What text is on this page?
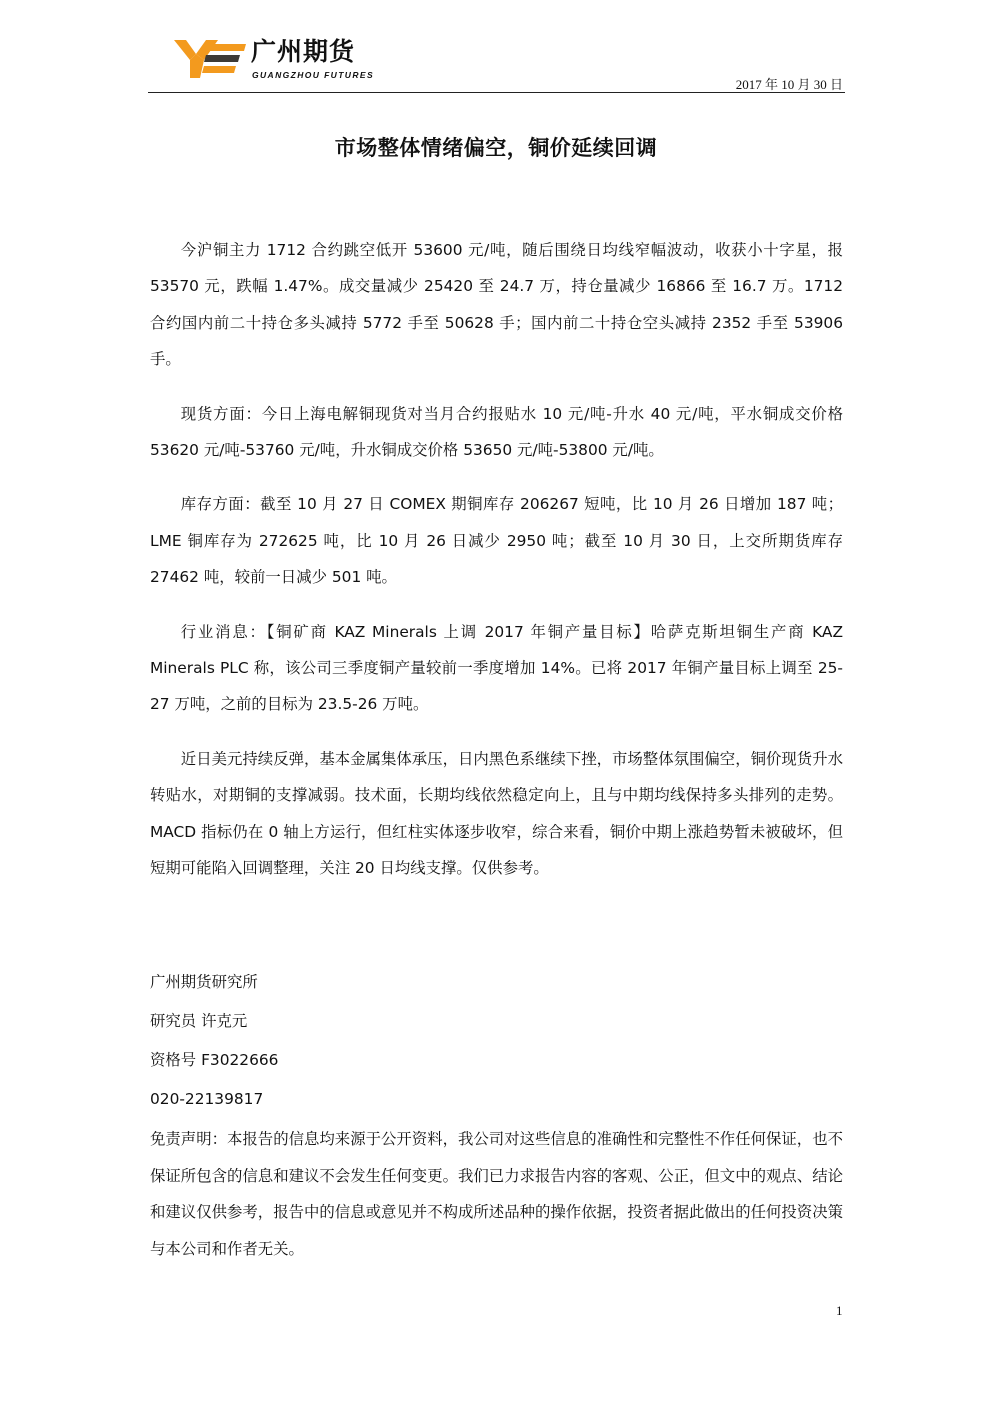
广州期货
GUANGZHOU FUTURES
2017 年 10 月 30 日
市场整体情绪偏空，铜价延续回调

今沪铜主力 1712 合约跳空低开 53600 元/吨，随后围绕日均线窄幅波动，收获小十字星，报 53570 元，跌幅 1.47%。成交量减少 25420 至 24.7 万，持仓量减少 16866 至 16.7 万。1712 合约国内前二十持仓多头减持 5772 手至 50628 手；国内前二十持仓空头减持 2352 手至 53906 手。

现货方面：今日上海电解铜现货对当月合约报贴水 10 元/吨-升水 40 元/吨，平水铜成交价格 53620 元/吨-53760 元/吨，升水铜成交价格 53650 元/吨-53800 元/吨。

库存方面：截至 10 月 27 日 COMEX 期铜库存 206267 短吨，比 10 月 26 日增加 187 吨；LME 铜库存为 272625 吨，比 10 月 26 日减少 2950 吨；截至 10 月 30 日，上交所期货库存 27462 吨，较前一日减少 501 吨。

行业消息：【铜矿商 KAZ Minerals 上调 2017 年铜产量目标】哈萨克斯坦铜生产商 KAZ Minerals PLC 称，该公司三季度铜产量较前一季度增加 14%。已将 2017 年铜产量目标上调至 25-27 万吨，之前的目标为 23.5-26 万吨。

近日美元持续反弹，基本金属集体承压，日内黑色系继续下挫，市场整体氛围偏空，铜价现货升水转贴水，对期铜的支撑减弱。技术面，长期均线依然稳定向上，且与中期均线保持多头排列的走势。MACD 指标仍在 0 轴上方运行，但红柱实体逐步收窄，综合来看，铜价中期上涨趋势暂未被破坏，但短期可能陷入回调整理，关注 20 日均线支撑。仅供参考。

广州期货研究所

研究员 许克元

资格号 F3022666

020-22139817

免责声明：本报告的信息均来源于公开资料，我公司对这些信息的准确性和完整性不作任何保证，也不保证所包含的信息和建议不会发生任何变更。我们已力求报告内容的客观、公正，但文中的观点、结论和建议仅供参考，报告中的信息或意见并不构成所述品种的操作依据，投资者据此做出的任何投资决策与本公司和作者无关。

1
